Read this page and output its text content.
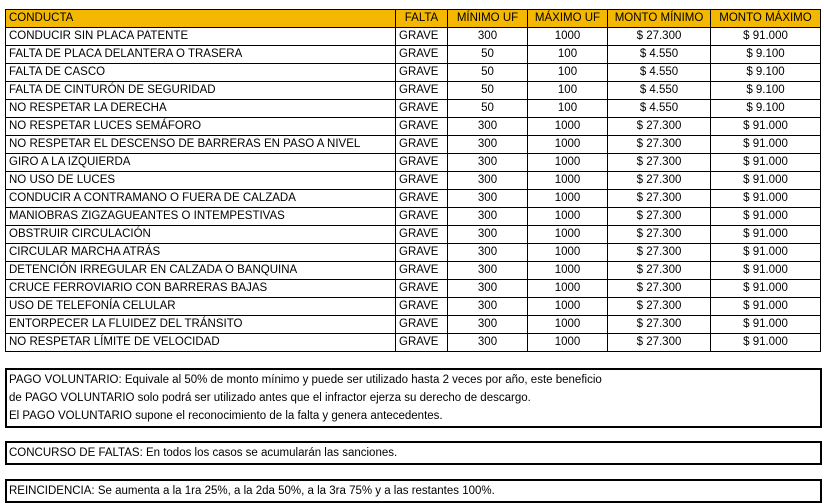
CONDUCTA	FALTA	MÍNIMO UF	MÁXIMO UF	MONTO MÍNIMO	MONTO MÁXIMO
CONDUCIR SIN PLACA PATENTE	GRAVE	300	1000	$ 27.300	$ 91.000
FALTA DE PLACA DELANTERA O TRASERA	GRAVE	50	100	$ 4.550	$ 9.100
FALTA DE CASCO	GRAVE	50	100	$ 4.550	$ 9.100
FALTA DE CINTURÓN DE SEGURIDAD	GRAVE	50	100	$ 4.550	$ 9.100
NO RESPETAR LA DERECHA	GRAVE	50	100	$ 4.550	$ 9.100
NO RESPETAR LUCES SEMÁFORO	GRAVE	300	1000	$ 27.300	$ 91.000
NO RESPETAR EL DESCENSO DE BARRERAS EN PASO A NIVEL	GRAVE	300	1000	$ 27.300	$ 91.000
GIRO A LA IZQUIERDA	GRAVE	300	1000	$ 27.300	$ 91.000
NO USO DE LUCES	GRAVE	300	1000	$ 27.300	$ 91.000
CONDUCIR A CONTRAMANO O FUERA DE CALZADA	GRAVE	300	1000	$ 27.300	$ 91.000
MANIOBRAS ZIGZAGUEANTES O INTEMPESTIVAS	GRAVE	300	1000	$ 27.300	$ 91.000
OBSTRUIR CIRCULACIÓN	GRAVE	300	1000	$ 27.300	$ 91.000
CIRCULAR MARCHA ATRÁS	GRAVE	300	1000	$ 27.300	$ 91.000
DETENCIÓN IRREGULAR EN CALZADA O BANQUINA	GRAVE	300	1000	$ 27.300	$ 91.000
CRUCE FERROVIARIO CON BARRERAS BAJAS	GRAVE	300	1000	$ 27.300	$ 91.000
USO DE TELEFONÍA CELULAR	GRAVE	300	1000	$ 27.300	$ 91.000
ENTORPECER LA FLUIDEZ DEL TRÁNSITO	GRAVE	300	1000	$ 27.300	$ 91.000
NO RESPETAR LÍMITE DE VELOCIDAD	GRAVE	300	1000	$ 27.300	$ 91.000

PAGO VOLUNTARIO: Equivale al 50% de monto mínimo y puede ser utilizado hasta 2 veces por año, este beneficio

de PAGO VOLUNTARIO solo podrá ser utilizado antes que el infractor ejerza su derecho de descargo.

El PAGO VOLUNTARIO supone el reconocimiento de la falta y genera antecedentes.

CONCURSO DE FALTAS: En todos los casos se acumularán las sanciones.

REINCIDENCIA: Se aumenta a la 1ra 25%, a la 2da 50%, a la 3ra 75% y a las restantes 100%.
